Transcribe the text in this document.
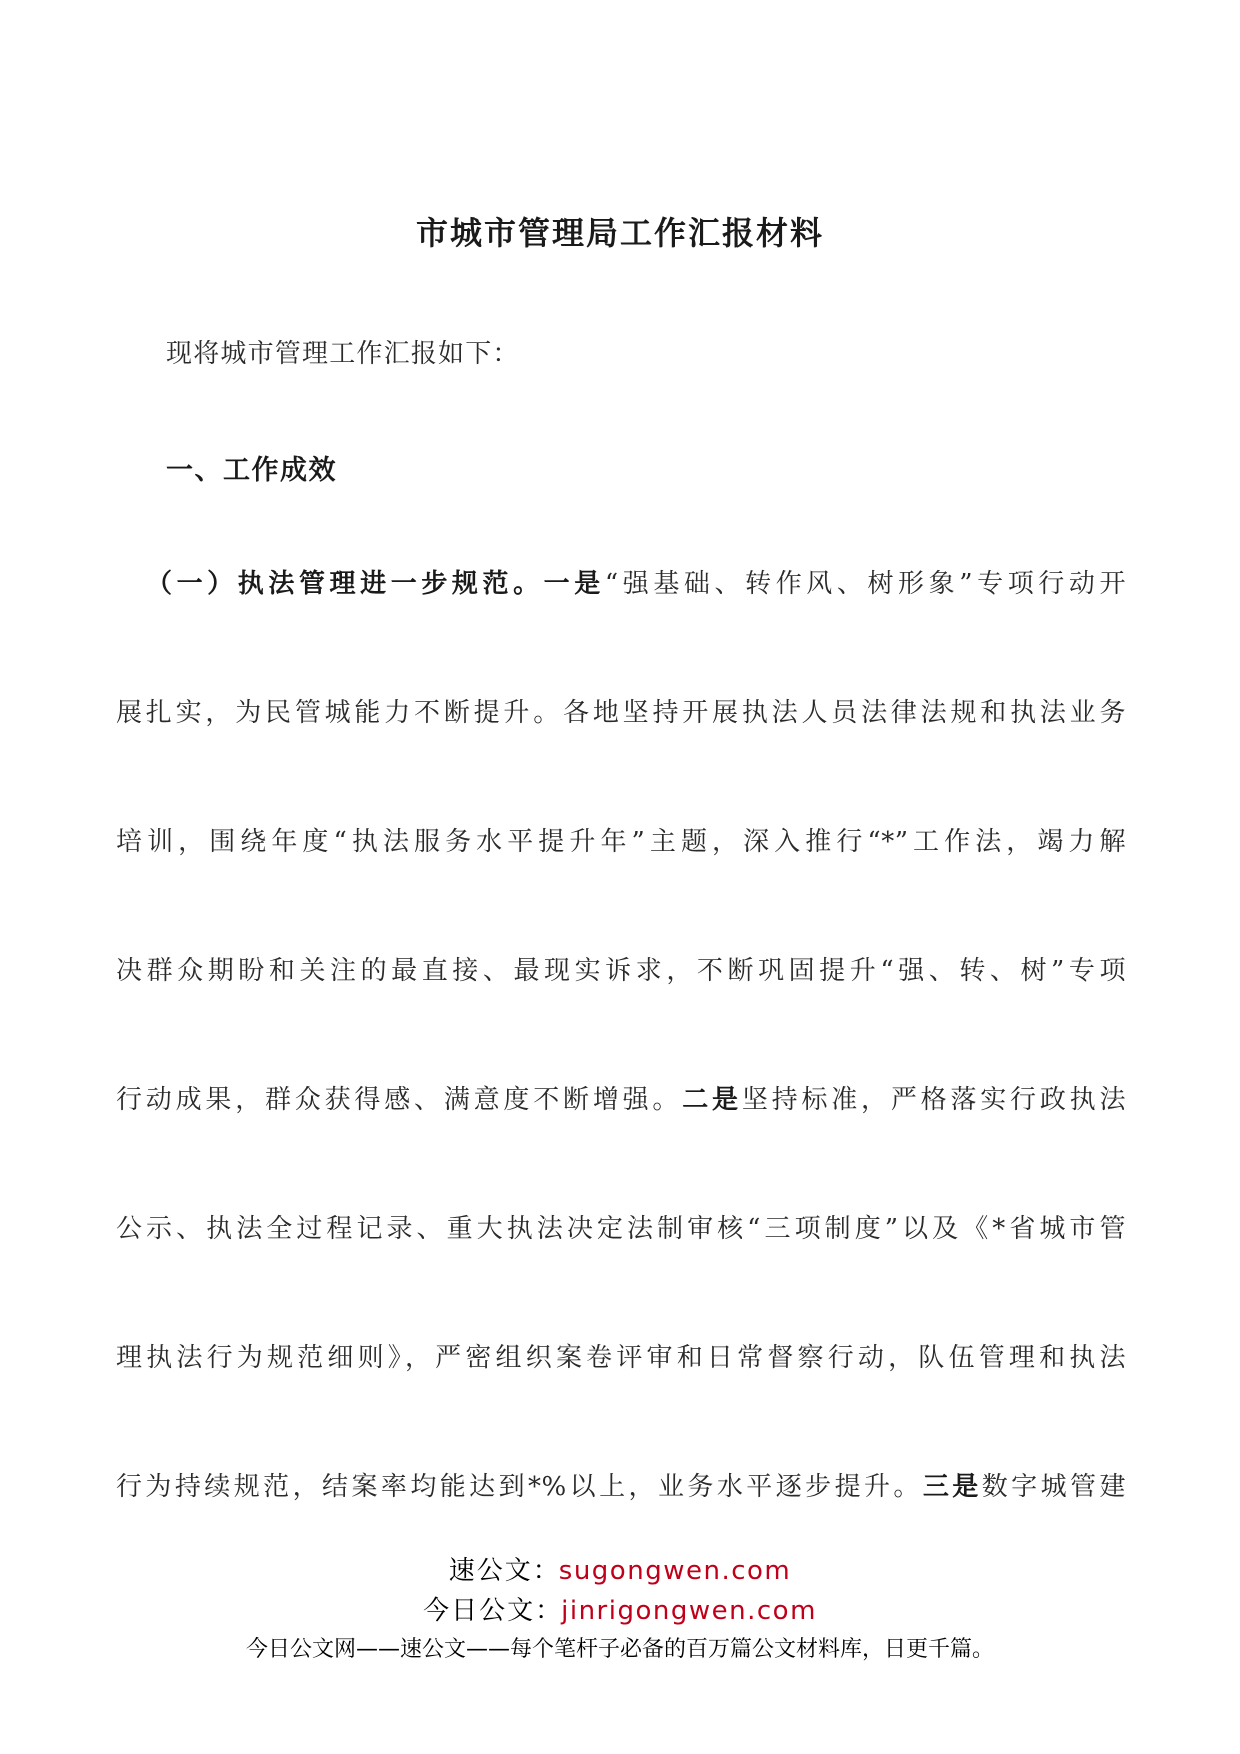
市城市管理局工作汇报材料
现将城市管理工作汇报如下：
一、工作成效
（一）执法管理进一步规范。一是“强基础、转作风、树形象”专项行动开
展扎实，为民管城能力不断提升。各地坚持开展执法人员法律法规和执法业务
培训，围绕年度“执法服务水平提升年”主题，深入推行“*”工作法，竭力解
决群众期盼和关注的最直接、最现实诉求，不断巩固提升“强、转、树”专项
行动成果，群众获得感、满意度不断增强。二是坚持标准，严格落实行政执法
公示、执法全过程记录、重大执法决定法制审核“三项制度”以及《*省城市管
理执法行为规范细则》，严密组织案卷评审和日常督察行动，队伍管理和执法
行为持续规范，结案率均能达到*%以上，业务水平逐步提升。三是数字城管建
速公文：sugongwen.com
今日公文：jinrigongwen.com
今日公文网——速公文——每个笔杆子必备的百万篇公文材料库，日更千篇。
